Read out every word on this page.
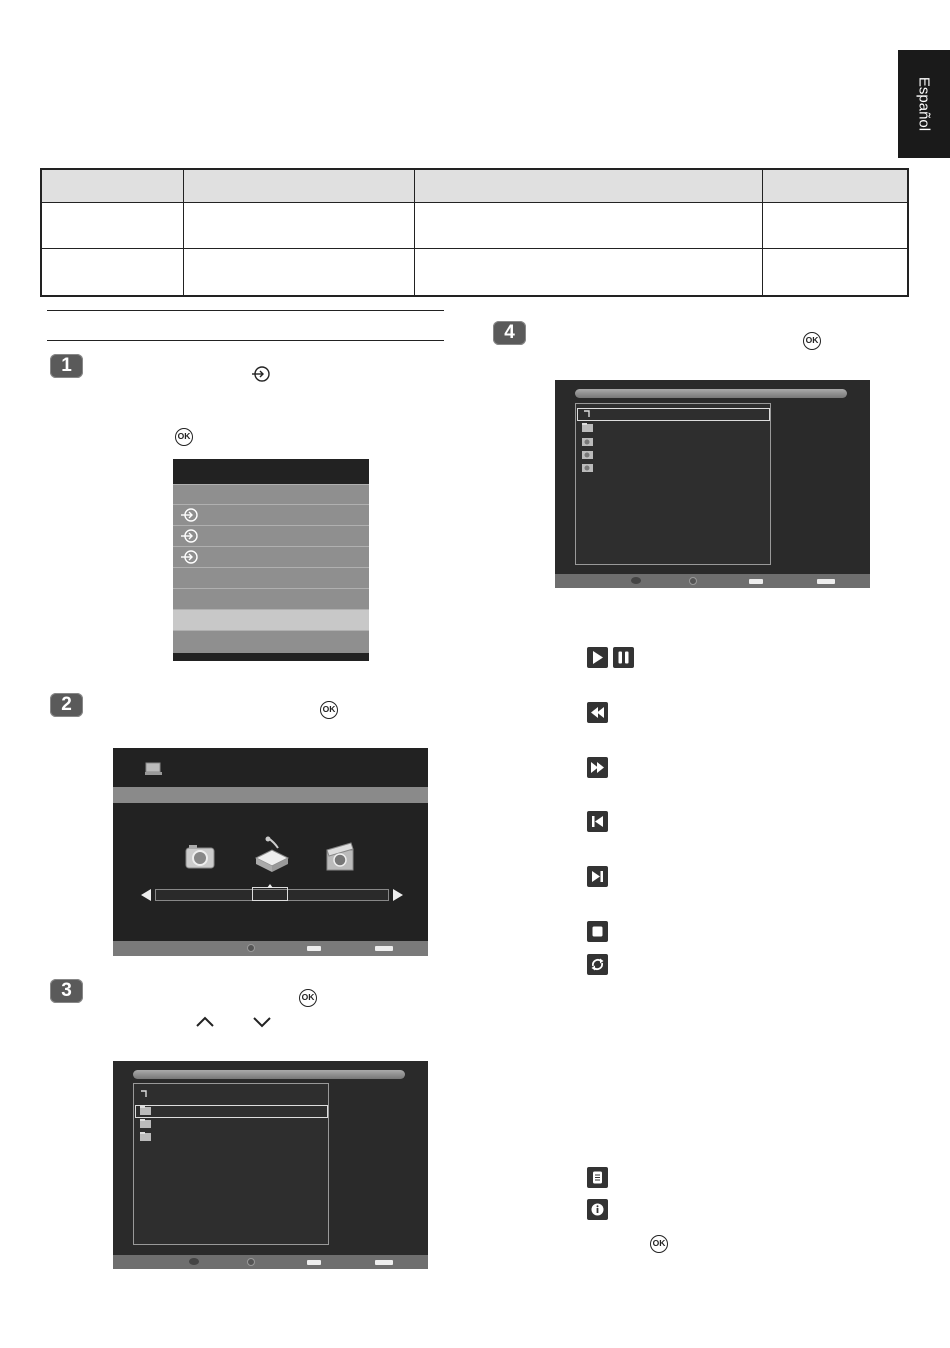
Español
1
OK
2	OK
3	OK
4	OK
OK
